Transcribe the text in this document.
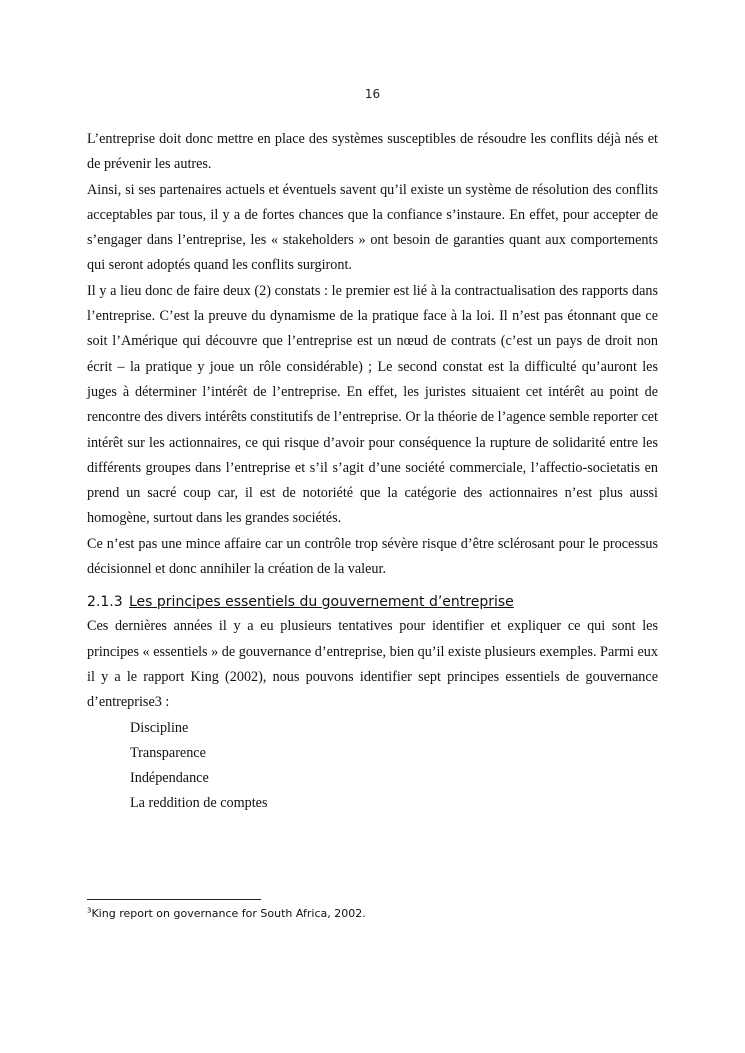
16

L’entreprise doit donc mettre en place des systèmes susceptibles de résoudre les conflits déjà nés et de prévenir les autres.

Ainsi, si ses partenaires actuels et éventuels savent qu’il existe un système de résolution des conflits acceptables par tous, il y a de fortes chances que la confiance s’instaure. En effet, pour accepter de s’engager dans l’entreprise, les « stakeholders » ont besoin de garanties quant aux comportements qui seront adoptés quand les conflits surgiront.

Il y a lieu donc de faire deux (2) constats : le premier est lié à la contractualisation des rapports dans l’entreprise. C’est la preuve du dynamisme de la pratique face à la loi. Il n’est pas étonnant que ce soit l’Amérique qui découvre que l’entreprise est un nœud de contrats (c’est un pays de droit non écrit – la pratique y joue un rôle considérable) ; Le second constat est la difficulté qu’auront les juges à déterminer l’intérêt de l’entreprise. En effet, les juristes situaient cet intérêt au point de rencontre des divers intérêts constitutifs de l’entreprise. Or la théorie de l’agence semble reporter cet intérêt sur les actionnaires, ce qui risque d’avoir pour conséquence la rupture de solidarité entre les différents groupes dans l’entreprise et s’il s’agit d’une société commerciale, l’affectio-societatis en prend un sacré coup car, il est de notoriété que la catégorie des actionnaires n’est plus aussi homogène, surtout dans les grandes sociétés.

Ce n’est pas une mince affaire car un contrôle trop sévère risque d’être sclérosant pour le processus décisionnel et donc annihiler la création de la valeur.

2.1.3 Les principes essentiels du gouvernement d’entreprise

Ces dernières années il y a eu plusieurs tentatives pour identifier et expliquer ce qui sont les principes « essentiels » de gouvernance d’entreprise, bien qu’il existe plusieurs exemples. Parmi eux il y a le rapport King (2002), nous pouvons identifier sept principes essentiels de gouvernance d’entreprise3 :

Discipline
Transparence
Indépendance
La reddition de comptes
$^3$King report on governance for South Africa, 2002.
